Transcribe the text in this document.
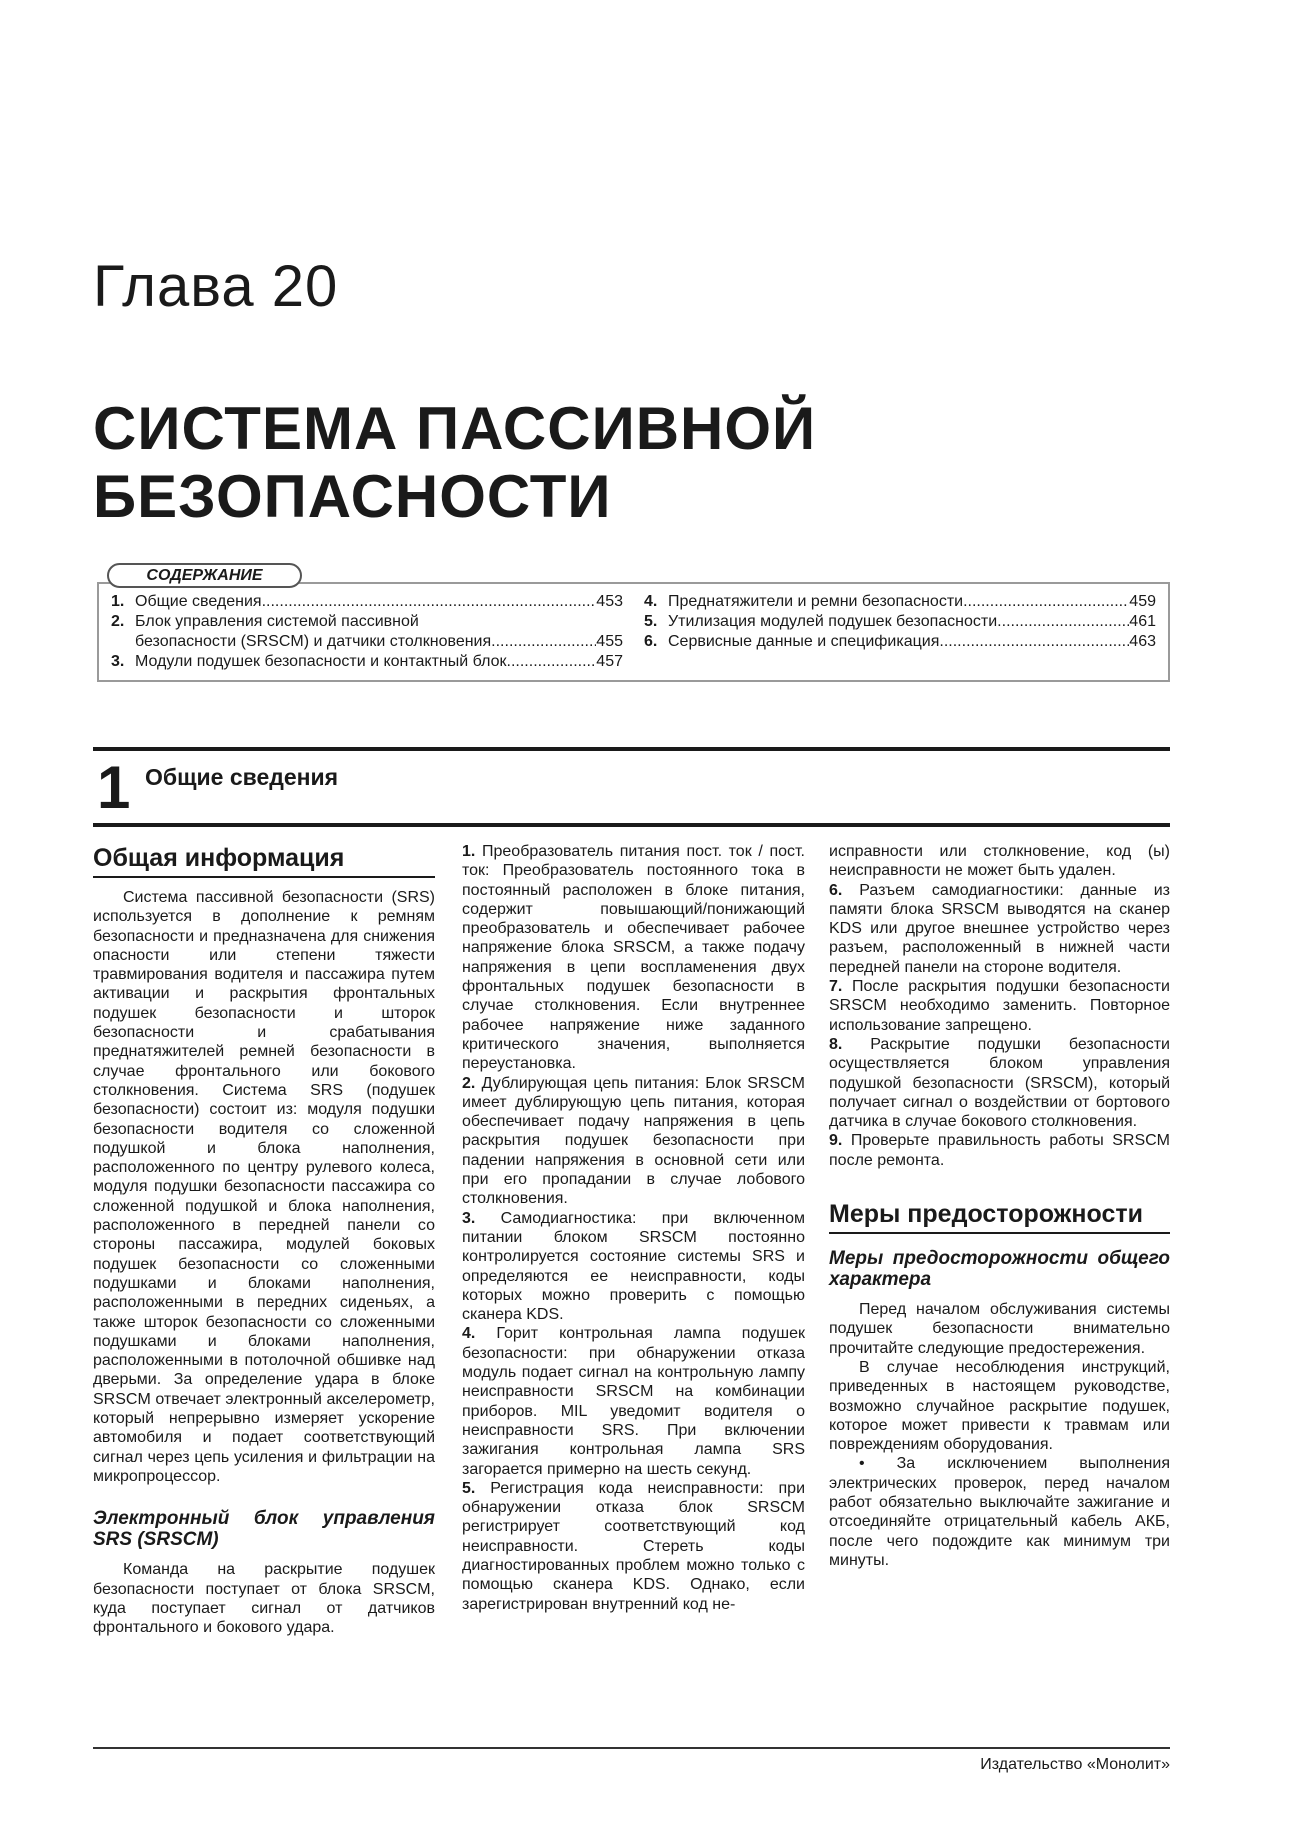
Глава 20
СИСТЕМА ПАССИВНОЙ
БЕЗОПАСНОСТИ
1. Общие сведения .....	453
2. Блок управления системой пассивной
безопасности (SRSCM) и датчики столкновения .....	455
3. Модули подушек безопасности и контактный блок .....	457
4. Преднатяжители и ремни безопасности .....	459
5. Утилизация модулей подушек безопасности .....	461
6. Сервисные данные и спецификация .....	463
СОДЕРЖАНИЕ
1 Общие сведения
Общая информация

Система пассивной безопасности (SRS) используется в дополнение к ремням безопасности и предназначена для снижения опасности или степени тяжести травмирования водителя и пассажира путем активации и раскрытия фронтальных подушек безопасности и шторок безопасности и срабатывания преднатяжителей ремней безопасности в случае фронтального или бокового столкновения. Система SRS (подушек безопасности) состоит из: модуля подушки безопасности водителя со сложенной подушкой и блока наполнения, расположенного по центру рулевого колеса, модуля подушки безопасности пассажира со сложенной подушкой и блока наполнения, расположенного в передней панели со стороны пассажира, модулей боковых подушек безопасности со сложенными подушками и блоками наполнения, расположенными в передних сиденьях, а также шторок безопасности со сложенными подушками и блоками наполнения, расположенными в потолочной обшивке над дверьми. За определение удара в блоке SRSCM отвечает электронный акселерометр, который непрерывно измеряет ускорение автомобиля и подает соответствующий сигнал через цепь усиления и фильтрации на микропроцессор.

Электронный блок управления SRS (SRSCM)

Команда на раскрытие подушек безопасности поступает от блока SRSCM, куда поступает сигнал от датчиков фронтального и бокового удара.

1. Преобразователь питания пост. ток / пост. ток: Преобразователь постоянного тока в постоянный расположен в блоке питания, содержит повышающий/понижающий преобразователь и обеспечивает рабочее напряжение блока SRSCM, а также подачу напряжения в цепи воспламенения двух фронтальных подушек безопасности в случае столкновения. Если внутреннее рабочее напряжение ниже заданного критического значения, выполняется переустановка.

2. Дублирующая цепь питания: Блок SRSCM имеет дублирующую цепь питания, которая обеспечивает подачу напряжения в цепь раскрытия подушек безопасности при падении напряжения в основной сети или при его пропадании в случае лобового столкновения.

3. Самодиагностика: при включенном питании блоком SRSCM постоянно контролируется состояние системы SRS и определяются ее неисправности, коды которых можно проверить с помощью сканера KDS.

4. Горит контрольная лампа подушек безопасности: при обнаружении отказа модуль подает сигнал на контрольную лампу неисправности SRSCM на комбинации приборов. MIL уведомит водителя о неисправности SRS. При включении зажигания контрольная лампа SRS загорается примерно на шесть секунд.

5. Регистрация кода неисправности: при обнаружении отказа блок SRSCM регистрирует соответствующий код неисправности. Стереть коды диагностированных проблем можно только с помощью сканера KDS. Однако, если зарегистрирован внутренний код не-

исправности или столкновение, код (ы) неисправности не может быть удален.

6. Разъем самодиагностики: данные из памяти блока SRSCM выводятся на сканер KDS или другое внешнее устройство через разъем, расположенный в нижней части передней панели на стороне водителя.

7. После раскрытия подушки безопасности SRSCM необходимо заменить. Повторное использование запрещено.

8. Раскрытие подушки безопасности осуществляется блоком управления подушкой безопасности (SRSCM), который получает сигнал о воздействии от бортового датчика в случае бокового столкновения.

9. Проверьте правильность работы SRSCM после ремонта.

Меры предосторожности
Меры предосторожности общего характера

Перед началом обслуживания системы подушек безопасности внимательно прочитайте следующие предостережения.

В случае несоблюдения инструкций, приведенных в настоящем руководстве, возможно случайное раскрытие подушек, которое может привести к травмам или повреждениям оборудования.

• За исключением выполнения электрических проверок, перед началом работ обязательно выключайте зажигание и отсоединяйте отрицательный кабель АКБ, после чего подождите как минимум три минуты.

Издательство «Монолит»
